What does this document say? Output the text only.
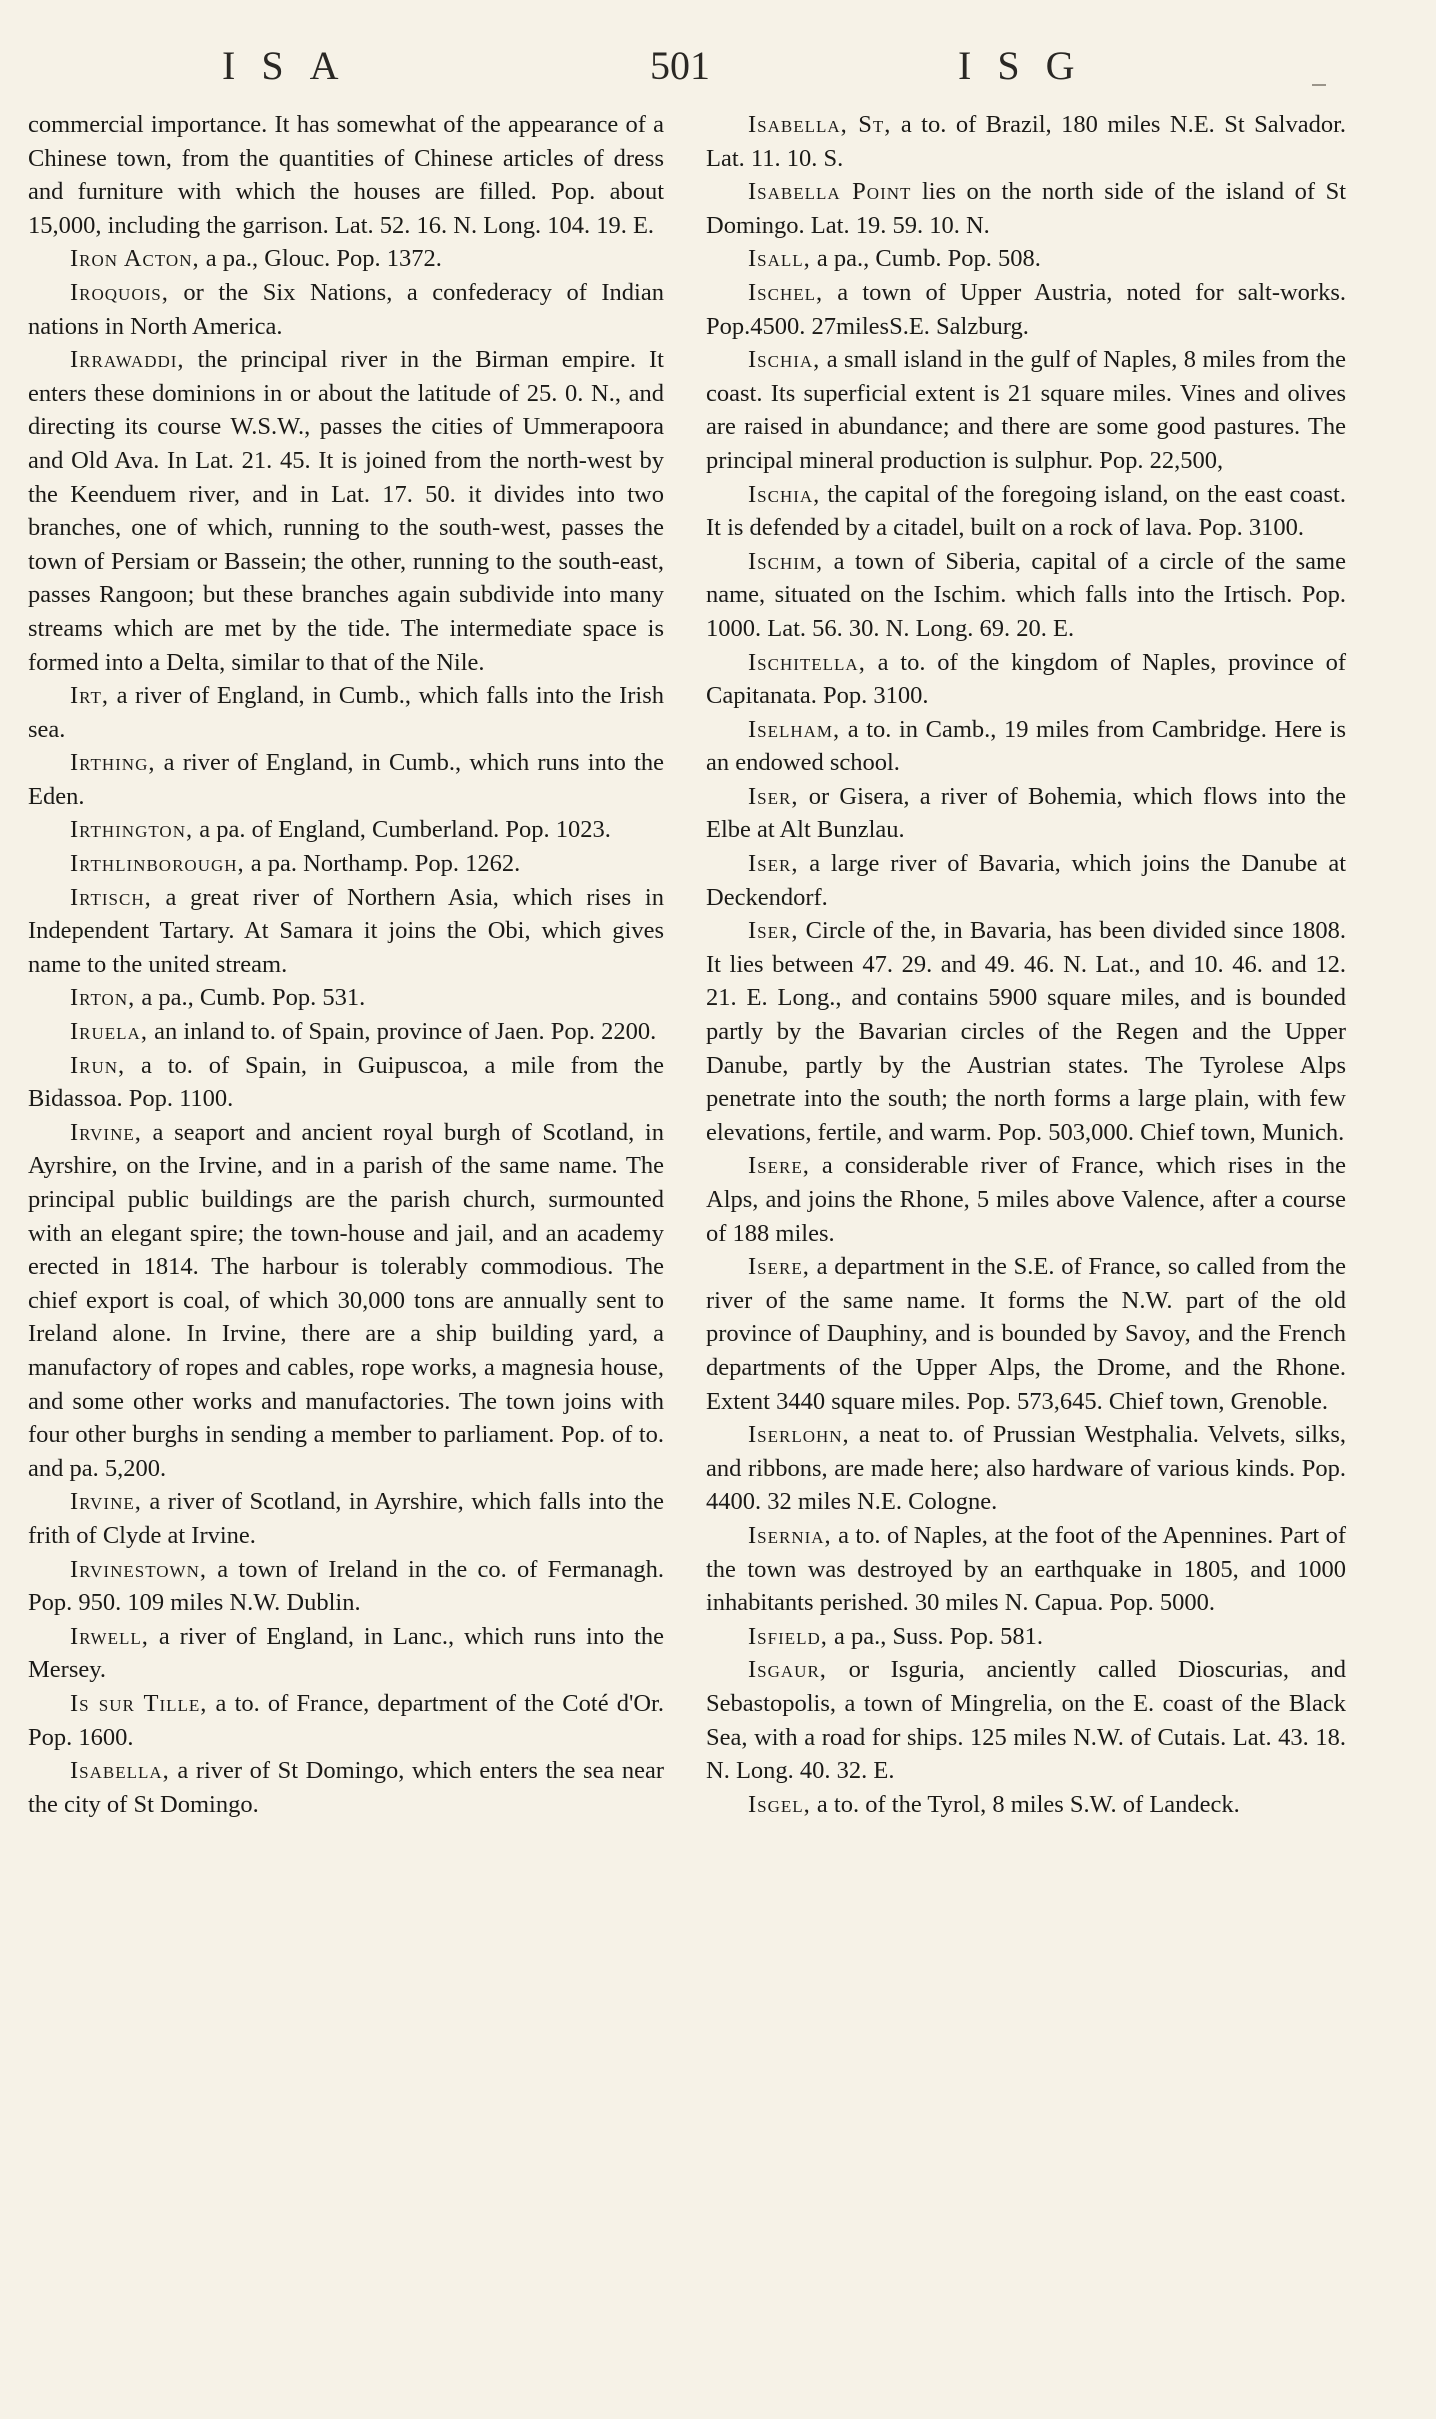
ISA	501	ISG

commercial importance. It has somewhat of the appearance of a Chinese town, from the quantities of Chinese articles of dress and furniture with which the houses are filled. Pop. about 15,000, including the garrison. Lat. 52. 16. N. Long. 104. 19. E.

Iron Acton, a pa., Glouc. Pop. 1372.

Iroquois, or the Six Nations, a confederacy of Indian nations in North America.

Irrawaddi, the principal river in the Birman empire. It enters these dominions in or about the latitude of 25. 0. N., and directing its course W.S.W., passes the cities of Ummerapoora and Old Ava. In Lat. 21. 45. It is joined from the north-west by the Keenduem river, and in Lat. 17. 50. it divides into two branches, one of which, running to the south-west, passes the town of Persiam or Bassein; the other, running to the south-east, passes Rangoon; but these branches again subdivide into many streams which are met by the tide. The intermediate space is formed into a Delta, similar to that of the Nile.

Irt, a river of England, in Cumb., which falls into the Irish sea.

Irthing, a river of England, in Cumb., which runs into the Eden.

Irthington, a pa. of England, Cumberland. Pop. 1023.

Irthlinborough, a pa. Northamp. Pop. 1262.

Irtisch, a great river of Northern Asia, which rises in Independent Tartary. At Samara it joins the Obi, which gives name to the united stream.

Irton, a pa., Cumb. Pop. 531.

Iruela, an inland to. of Spain, province of Jaen. Pop. 2200.

Irun, a to. of Spain, in Guipuscoa, a mile from the Bidassoa. Pop. 1100.

Irvine, a seaport and ancient royal burgh of Scotland, in Ayrshire, on the Irvine, and in a parish of the same name. The principal public buildings are the parish church, surmounted with an elegant spire; the town-house and jail, and an academy erected in 1814. The harbour is tolerably commodious. The chief export is coal, of which 30,000 tons are annually sent to Ireland alone. In Irvine, there are a ship building yard, a manufactory of ropes and cables, rope works, a magnesia house, and some other works and manufactories. The town joins with four other burghs in sending a member to parliament. Pop. of to. and pa. 5,200.

Irvine, a river of Scotland, in Ayrshire, which falls into the frith of Clyde at Irvine.

Irvinestown, a town of Ireland in the co. of Fermanagh. Pop. 950. 109 miles N.W. Dublin.

Irwell, a river of England, in Lanc., which runs into the Mersey.

Is sur Tille, a to. of France, department of the Coté d'Or. Pop. 1600.

Isabella, a river of St Domingo, which enters the sea near the city of St Domingo.

Isabella, St, a to. of Brazil, 180 miles N.E. St Salvador. Lat. 11. 10. S.

Isabella Point lies on the north side of the island of St Domingo. Lat. 19. 59. 10. N.

Isall, a pa., Cumb. Pop. 508.

Ischel, a town of Upper Austria, noted for salt-works. Pop.4500. 27milesS.E. Salzburg.

Ischia, a small island in the gulf of Naples, 8 miles from the coast. Its superficial extent is 21 square miles. Vines and olives are raised in abundance; and there are some good pastures. The principal mineral production is sulphur. Pop. 22,500,

Ischia, the capital of the foregoing island, on the east coast. It is defended by a citadel, built on a rock of lava. Pop. 3100.

Ischim, a town of Siberia, capital of a circle of the same name, situated on the Ischim. which falls into the Irtisch. Pop. 1000. Lat. 56. 30. N. Long. 69. 20. E.

Ischitella, a to. of the kingdom of Naples, province of Capitanata. Pop. 3100.

Iselham, a to. in Camb., 19 miles from Cambridge. Here is an endowed school.

Iser, or Gisera, a river of Bohemia, which flows into the Elbe at Alt Bunzlau.

Iser, a large river of Bavaria, which joins the Danube at Deckendorf.

Iser, Circle of the, in Bavaria, has been divided since 1808. It lies between 47. 29. and 49. 46. N. Lat., and 10. 46. and 12. 21. E. Long., and contains 5900 square miles, and is bounded partly by the Bavarian circles of the Regen and the Upper Danube, partly by the Austrian states. The Tyrolese Alps penetrate into the south; the north forms a large plain, with few elevations, fertile, and warm. Pop. 503,000. Chief town, Munich.

Isere, a considerable river of France, which rises in the Alps, and joins the Rhone, 5 miles above Valence, after a course of 188 miles.

Isere, a department in the S.E. of France, so called from the river of the same name. It forms the N.W. part of the old province of Dauphiny, and is bounded by Savoy, and the French departments of the Upper Alps, the Drome, and the Rhone. Extent 3440 square miles. Pop. 573,645. Chief town, Grenoble.

Iserlohn, a neat to. of Prussian Westphalia. Velvets, silks, and ribbons, are made here; also hardware of various kinds. Pop. 4400. 32 miles N.E. Cologne.

Isernia, a to. of Naples, at the foot of the Apennines. Part of the town was destroyed by an earthquake in 1805, and 1000 inhabitants perished. 30 miles N. Capua. Pop. 5000.

Isfield, a pa., Suss. Pop. 581.

Isgaur, or Isguria, anciently called Dioscurias, and Sebastopolis, a town of Mingrelia, on the E. coast of the Black Sea, with a road for ships. 125 miles N.W. of Cutais. Lat. 43. 18. N. Long. 40. 32. E.

Isgel, a to. of the Tyrol, 8 miles S.W. of Landeck.
